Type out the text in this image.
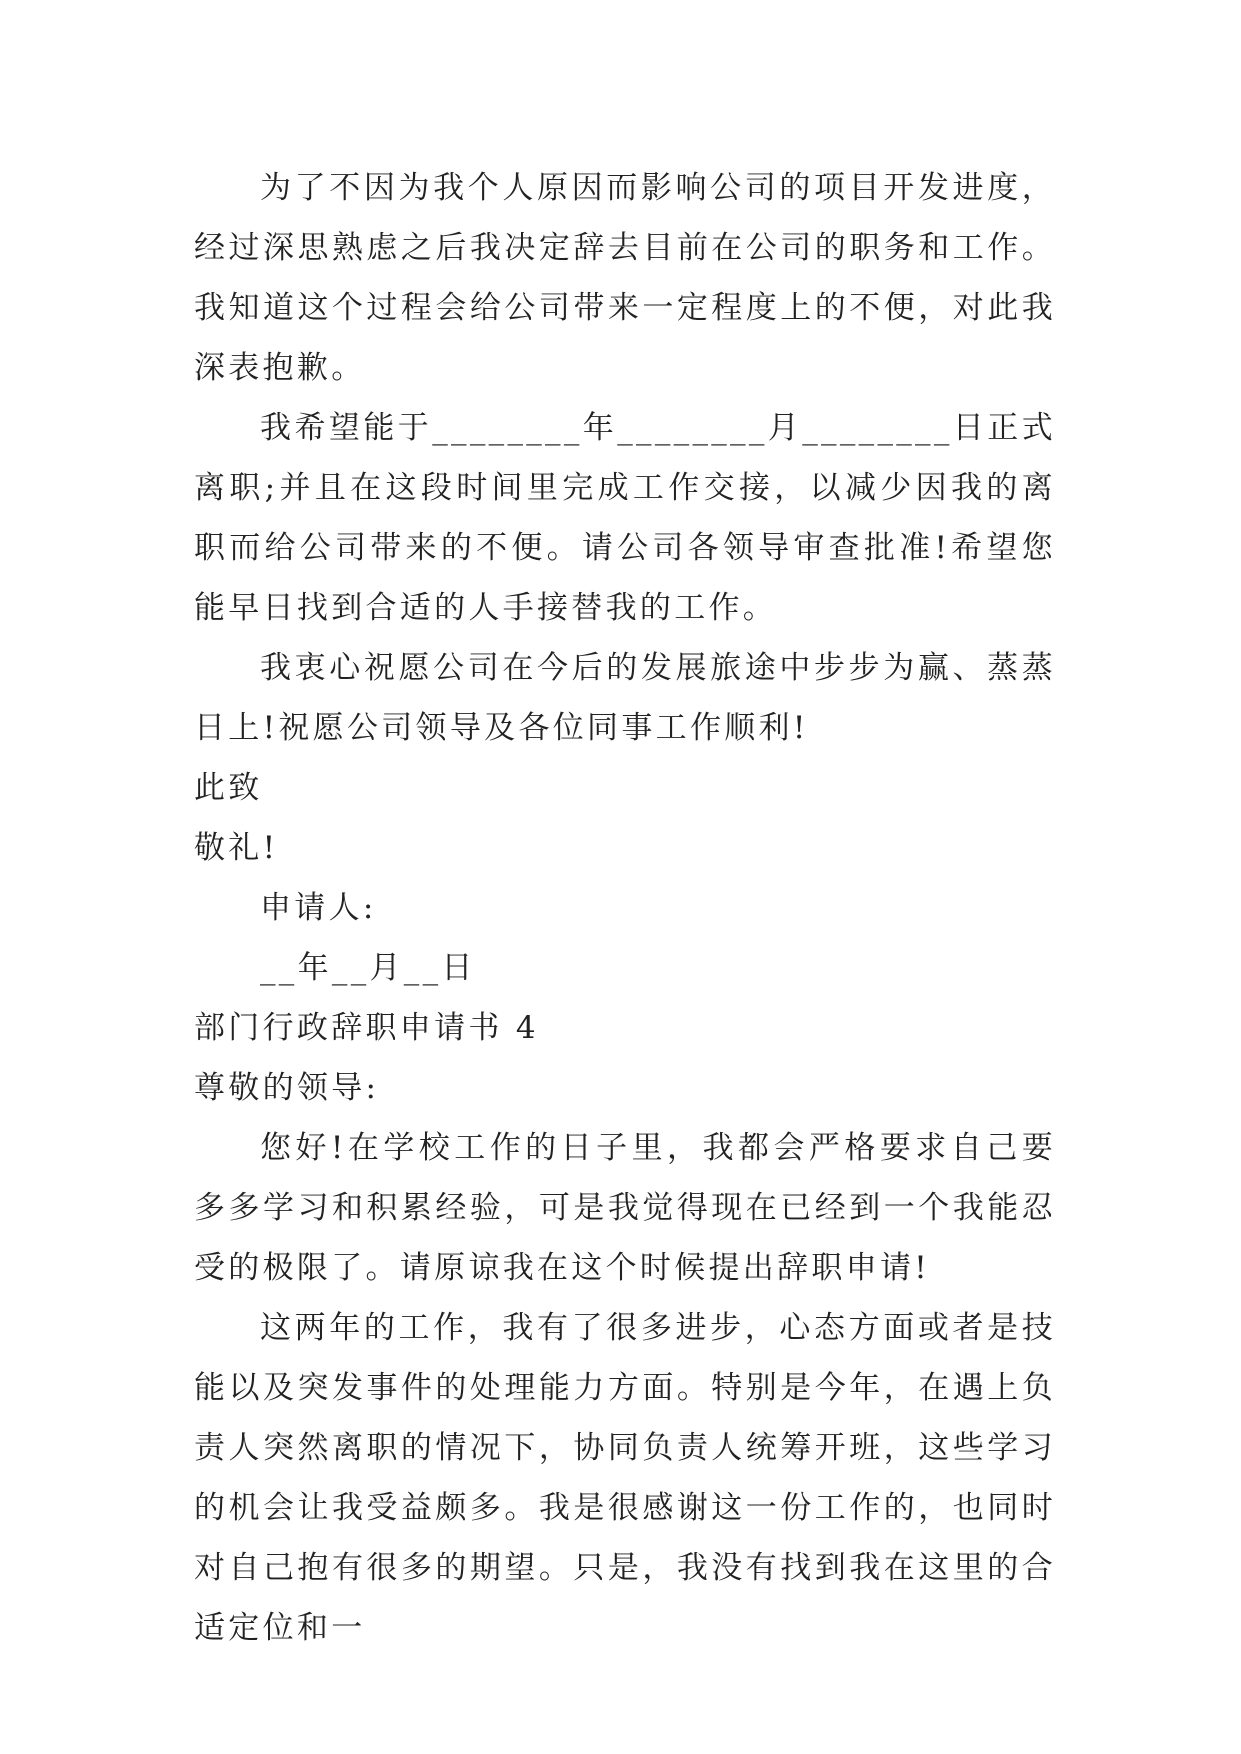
为了不因为我个人原因而影响公司的项目开发进度，经过深思熟虑之后我决定辞去目前在公司的职务和工作。我知道这个过程会给公司带来一定程度上的不便，对此我深表抱歉。

我希望能于________年________月________日正式离职;并且在这段时间里完成工作交接，以减少因我的离职而给公司带来的不便。请公司各领导审查批准!希望您能早日找到合适的人手接替我的工作。

我衷心祝愿公司在今后的发展旅途中步步为赢、蒸蒸日上!祝愿公司领导及各位同事工作顺利!

此致

敬礼!

申请人:

__年__月__日

部门行政辞职申请书 4

尊敬的领导:

您好!在学校工作的日子里，我都会严格要求自己要多多学习和积累经验，可是我觉得现在已经到一个我能忍受的极限了。请原谅我在这个时候提出辞职申请!

这两年的工作，我有了很多进步，心态方面或者是技能以及突发事件的处理能力方面。特别是今年，在遇上负责人突然离职的情况下，协同负责人统筹开班，这些学习的机会让我受益颇多。我是很感谢这一份工作的，也同时对自己抱有很多的期望。只是，我没有找到我在这里的合适定位和一
